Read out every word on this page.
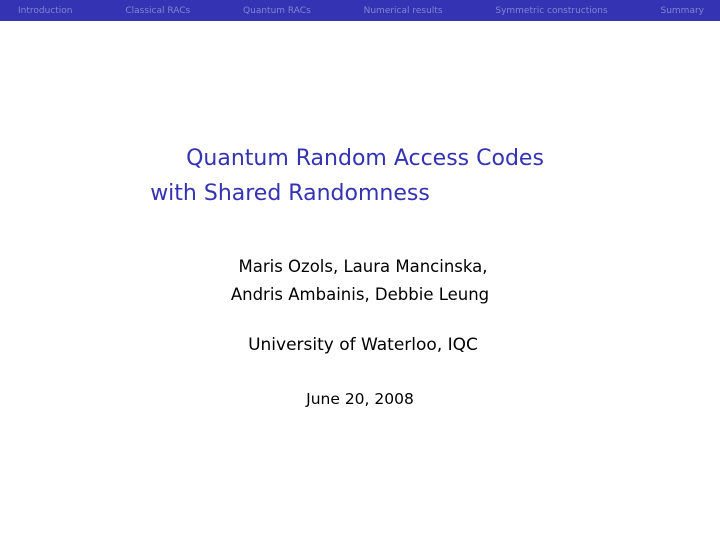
Introduction	Classical RACs	Quantum RACs	Numerical results	Symmetric constructions	Summary
Quantum Random Access Codes
with Shared Randomness
Maris Ozols, Laura Mancinska,
Andris Ambainis, Debbie Leung
University of Waterloo, IQC
June 20, 2008
